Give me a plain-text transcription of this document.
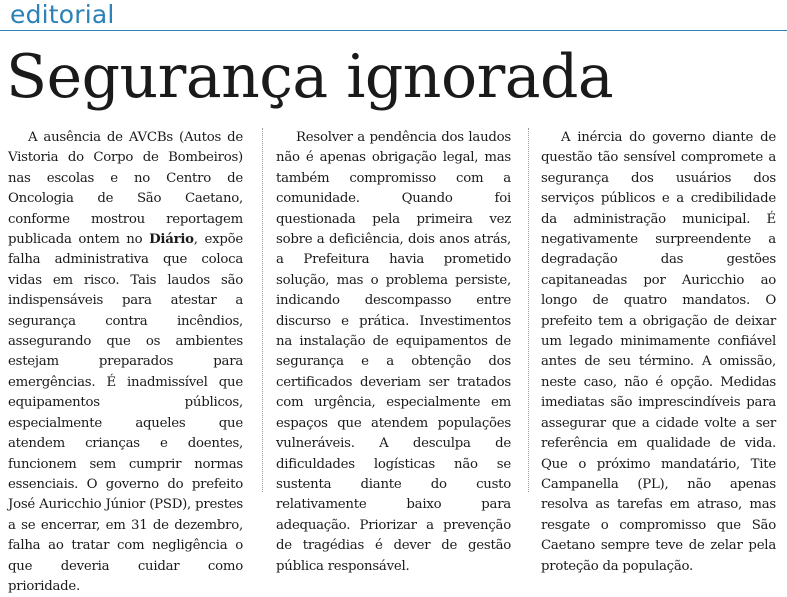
editorial
Segurança ignorada

A ausência de AVCBs (Autos de Vistoria do Corpo de Bombeiros) nas escolas e no Centro de Oncologia de São Caetano, conforme mostrou reportagem publicada ontem no Diário, expõe falha administrativa que coloca vidas em risco. Tais laudos são indispensáveis para atestar a segurança contra incêndios, assegurando que os ambientes estejam preparados para emergências. É inadmissível que equipamentos públicos, especialmente aqueles que atendem crianças e doentes, funcionem sem cumprir normas essenciais. O governo do prefeito José Auricchio Júnior (PSD), prestes a se encerrar, em 31 de dezembro, falha ao tratar com negligência o que deveria cuidar como prioridade.

Resolver a pendência dos laudos não é apenas obrigação legal, mas também compromisso com a comunidade. Quando foi questionada pela primeira vez sobre a deficiência, dois anos atrás, a Prefeitura havia prometido solução, mas o problema persiste, indicando descompasso entre discurso e prática. Investimentos na instalação de equipamentos de segurança e a obtenção dos certificados deveriam ser tratados com urgência, especialmente em espaços que atendem populações vulneráveis. A desculpa de dificuldades logísticas não se sustenta diante do custo relativamente baixo para adequação. Priorizar a prevenção de tragédias é dever de gestão pública responsável.

A inércia do governo diante de questão tão sensível compromete a segurança dos usuários dos serviços públicos e a credibilidade da administração municipal. É negativamente surpreendente a degradação das gestões capitaneadas por Auricchio ao longo de quatro mandatos. O prefeito tem a obrigação de deixar um legado minimamente confiável antes de seu término. A omissão, neste caso, não é opção. Medidas imediatas são imprescindíveis para assegurar que a cidade volte a ser referência em qualidade de vida. Que o próximo mandatário, Tite Campanella (PL), não apenas resolva as tarefas em atraso, mas resgate o compromisso que São Caetano sempre teve de zelar pela proteção da população.
